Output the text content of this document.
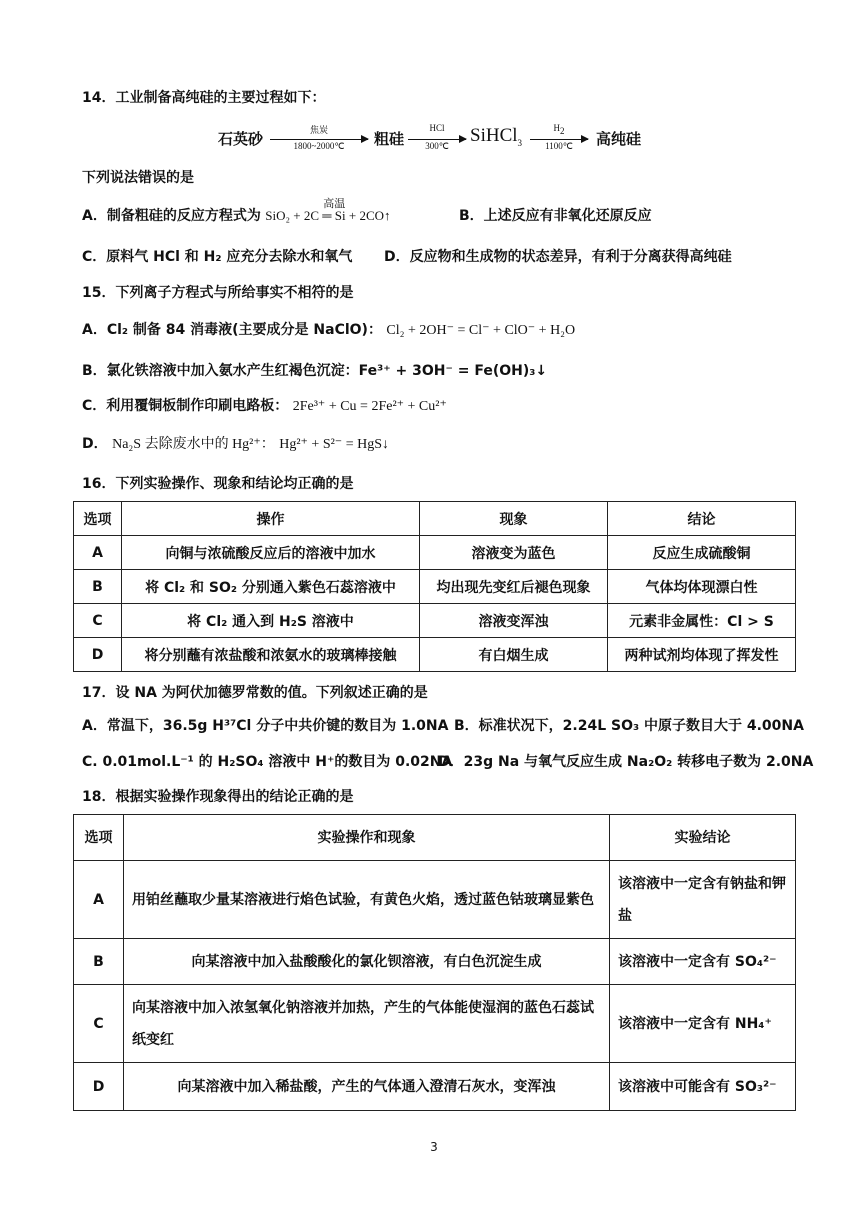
14．工业制备高纯硅的主要过程如下：
石英砂	焦炭
1800~2000℃	粗硅
HCl
300℃	SiHCl$_3$
$H_2$
1100℃	高纯硅
下列说法错误的是
A．制备粗硅的反应方程式为
高温
SiO₂ + 2C ═ Si + 2CO↑	B．上述反应有非氧化还原反应
C．原料气 HCl 和 H₂ 应充分去除水和氧气 D．反应物和生成物的状态差异，有利于分离获得高纯硅
15．下列离子方程式与所给事实不相符的是
A．Cl₂ 制备 84 消毒液(主要成分是 NaClO)： Cl₂ + 2OH⁻ = Cl⁻ + ClO⁻ + H₂O
B．氯化铁溶液中加入氨水产生红褐色沉淀：Fe³⁺ + 3OH⁻ = Fe(OH)₃↓
C．利用覆铜板制作印刷电路板： 2Fe³⁺ + Cu = 2Fe²⁺ + Cu²⁺
D． Na₂S 去除废水中的 Hg²⁺： Hg²⁺ + S²⁻ = HgS↓
16．下列实验操作、现象和结论均正确的是
选项	操作	现象	结论
A	向铜与浓硫酸反应后的溶液中加水	溶液变为蓝色	反应生成硫酸铜
B	将 Cl₂ 和 SO₂ 分别通入紫色石蕊溶液中	均出现先变红后褪色现象	气体均体现漂白性
C	将 Cl₂ 通入到 H₂S 溶液中	溶液变浑浊	元素非金属性：Cl > S
D	将分别蘸有浓盐酸和浓氨水的玻璃棒接触	有白烟生成	两种试剂均体现了挥发性
17．设 NA 为阿伏加德罗常数的值。下列叙述正确的是
A．常温下，36.5g H³⁷Cl 分子中共价键的数目为 1.0NA B．标准状况下，2.24L SO₃ 中原子数目大于 4.00NA
C. 0.01mol.L⁻¹ 的 H₂SO₄ 溶液中 H⁺的数目为 0.02NA
D．23g Na 与氧气反应生成 Na₂O₂ 转移电子数为 2.0NA
18．根据实验操作现象得出的结论正确的是
选项	实验操作和现象	实验结论
A	用铂丝蘸取少量某溶液进行焰色试验，有黄色火焰，透过蓝色钴玻璃显紫色	该溶液中一定含有钠盐和钾盐
B	向某溶液中加入盐酸酸化的氯化钡溶液，有白色沉淀生成	该溶液中一定含有 SO₄²⁻
C	向某溶液中加入浓氢氧化钠溶液并加热，产生的气体能使湿润的蓝色石蕊试纸变红	该溶液中一定含有 NH₄⁺
D	向某溶液中加入稀盐酸，产生的气体通入澄清石灰水，变浑浊	该溶液中可能含有 SO₃²⁻
3
